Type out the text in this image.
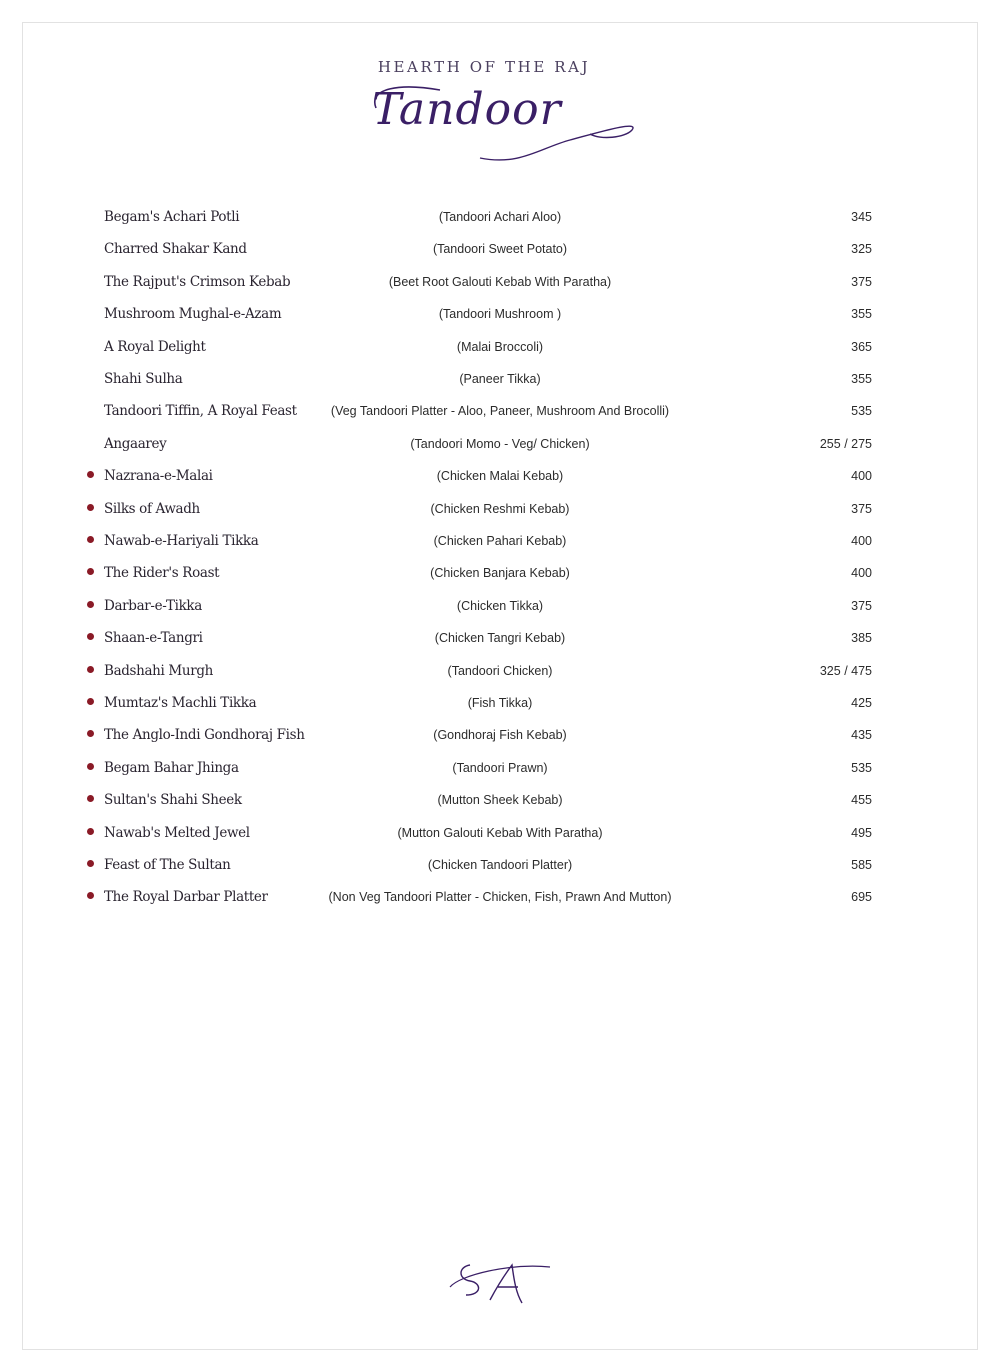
HEARTH OF THE RAJ
Tandoor
Begam's Achari Potli	(Tandoori Achari Aloo)	345
Charred Shakar Kand	(Tandoori Sweet Potato)	325
The Rajput's Crimson Kebab	(Beet Root Galouti Kebab With Paratha)	375
Mushroom Mughal-e-Azam	(Tandoori Mushroom )	355
A Royal Delight	(Malai Broccoli)	365
Shahi Sulha	(Paneer Tikka)	355
Tandoori Tiffin, A Royal Feast	(Veg Tandoori Platter - Aloo, Paneer, Mushroom And Brocolli)	535
Angaarey	(Tandoori Momo - Veg/ Chicken)	255 / 275
Nazrana-e-Malai	(Chicken Malai Kebab)	400
Silks of Awadh	(Chicken Reshmi Kebab)	375
Nawab-e-Hariyali Tikka	(Chicken Pahari Kebab)	400
The Rider's Roast	(Chicken Banjara Kebab)	400
Darbar-e-Tikka	(Chicken Tikka)	375
Shaan-e-Tangri	(Chicken Tangri Kebab)	385
Badshahi Murgh	(Tandoori Chicken)	325 / 475
Mumtaz's Machli Tikka	(Fish Tikka)	425
The Anglo-Indi Gondhoraj Fish	(Gondhoraj Fish Kebab)	435
Begam Bahar Jhinga	(Tandoori Prawn)	535
Sultan's Shahi Sheek	(Mutton Sheek Kebab)	455
Nawab's Melted Jewel	(Mutton Galouti Kebab With Paratha)	495
Feast of The Sultan	(Chicken Tandoori Platter)	585
The Royal Darbar Platter	(Non Veg Tandoori Platter - Chicken, Fish, Prawn And Mutton)	695
